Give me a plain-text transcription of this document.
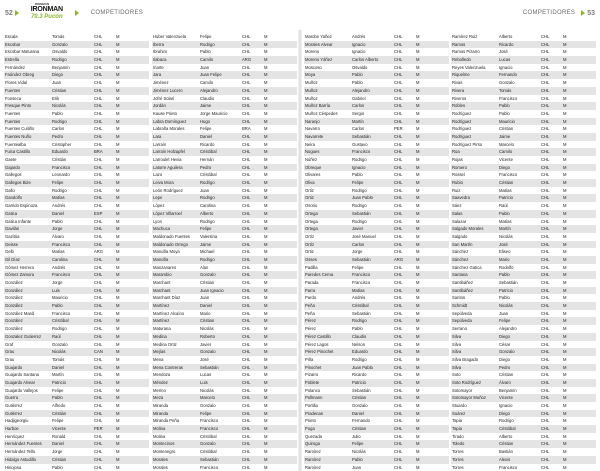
52
IRONMAN
IRONMAN
70.3 Pucón
COMPETIDORES	COMPETIDORES 53
Escala	Tomás	CHL	M
Escobar	Gonzalo	CHL	M
Escobar Maturana	Osvaldo	CHL	M
Estrella	Rodrigo	CHL	M
Fernández	Benjamín	CHL	M
Faúndez Obreg	Diego	CHL	M
Flores Vidal	Juan	CHL	M
Fuentes	Cristian	CHL	M
Fonseca	Erik	CHL	M
Fresque Pinto	Nicolás	CHL	M
Fuentes	Pablo	CHL	M
Fuentes	Rodrigo	CHL	M
Fuentes Cuitiño	Carlos	CHL	M
Fuentes Nuño	Pedro	CHL	M
Fuentealba	Cristopher	CHL	M
Fuica Castillo	Eduardo	BRA	M
Gaete	Cristián	CHL	M
Gajardo	Francisco	CHL	M
Gallegos	Leonardo	CHL	M
Gallegos Bize	Felipe	CHL	M
Gallo	Rodrigo	CHL	M
Gandolfo	Matías	CHL	M
Garrido Espinoza	Andrés	CHL	M
Gatica	Daniel	ESP	M
Gatica Infante	Pablo	CHL	M
Gavilán	Jorge	CHL	M
Gazitúa	Álvaro	CHL	M
Geisse	Francisco	CHL	M
Gelb	Matías	ARG	M
Gil Díaz	Carolina	CHL	M
Gómez Herrera	Andrés	CHL	M
Gómez Zamora	Francisco	CHL	M
González	Jorge	CHL	M
González	Luis	CHL	M
González	Mauricio	CHL	M
González	Pablo	CHL	M
González Mardi	Francisco	CHL	M
González	Cristóbal	CHL	M
González	Rodrigo	CHL	M
Gonzalez Gutierrez	Raúl	CHL	M
Graf	Gonzalo	CHL	M
Grau	Nicolás	CAN	M
Grau	Tomás	CHL	M
Guajardo	Daniel	CHL	M
Guajardo Santana	Martín	CHL	M
Guajardo Alvear	Patricio	CHL	M
Guajardo Vallejos	Felipe	CHL	M
Guerra	Pablo	CHL	M
Gutiérrez	Alfredo	CHL	M
Gutiérrez	Cristián	CHL	M
Hadjigeorgiu	Felipe	CHL	M
Harboe	Vicente	PER	M
Henríquez	Ronald	CHL	M
Hernández Fuentes	Daniel	CHL	M
Hernández Tello	Jorge	CHL	M
Hidalgo Astudillo	Cristian	CHL	M
Hinojosa	Pablo	CHL	M
Huber Valenzuela	Felipe	CHL	M
Iberra	Rodrigo	CHL	M
Ibrahim	Pablo	CHL	M
Ilabaca	Camilo	ARG	M
Iriarte	Juan	CHL	M
Jara	Juan Felipe	CHL	M
Jiménez	Camilo	CHL	M
Jiménez Lucero	Alejandro	CHL	M
Jofré Solari	Claudio	CHL	M
Jordán	Jaime	CHL	M
Kause Prieto	Jorge Mauricio	CHL	M
Labra Domínguez	Hugo	CHL	M
Labraña Morales	Felipe	BRA	M
Lara	Daniel	CHL	M
Larraín	Ricardo	CHL	M
Larraín Holzapfel	Cristóbal	CHL	M
Larroulet Hevia	Hernán	CHL	M
Latorre Aguilera	Pedro	CHL	M
Lazo	Cristóbal	CHL	M
Leiva Mora	Rodrigo	CHL	M
León Rodríguez	Juan	CHL	M
Lepe	Rodrigo	CHL	M
López	Carolina	CHL	M
López Villarroel	Alberto	CHL	M
Lyon	Rodrigo	CHL	M
Machuca	Felipe	CHL	M
Maldonado Fuentes	Valentina	CHL	M
Maldonado Orrego	Jaime	CHL	M
Mancilla Moya	Michael	CHL	M
Mancilla	Rodrigo	CHL	M
Manzanares	Alan	CHL	M
Marambio	Gonzalo	CHL	M
Marchant	Cristian	CHL	M
Marchant	Juan Ignacio	CHL	M
Marchant Díaz	Juan	CHL	M
Martínez	Daniel	CHL	M
Martínez Alcaíno	Mario	CHL	M
Martínez	Cristian	CHL	M
Maturana	Nicolás	CHL	M
Medina	Roberto	CHL	M
Medina Ortiz	Javier	CHL	M
Mejías	Gonzalo	CHL	M
Mena	José	CHL	M
Mena Contreras	Sebastián	CHL	M
Mendoza	Lucas	CHL	M
Méndez	Luis	CHL	M
Merino	Nicolás	CHL	M
Meza	Marcelo	CHL	M
Miranda	Gonzalo	CHL	M
Miranda	Felipe	CHL	M
Miranda Peña	Francisco	CHL	M
Molina	Francisco	CHL	M
Molina	Cristóbal	CHL	M
Montecinos	Gonzalo	CHL	M
Montenegro	Cristóbal	CHL	M
Morales	Sebastián	CHL	M
Morales	Francisco	CHL	M
Mardon Yañez	Andrés	CHL	M
Morales Alvear	Ignacio	CHL	M
Moreno	Ignacio	CHL	M
Moreno Yáñez	Carlos Alberto	CHL	M
Moscoso	Osvaldo	CHL	M
Moya	Pablo	CHL	M
Muñoz	Pablo	CHL	M
Muñoz	Alejandro	CHL	M
Muñoz	Gabriel	CHL	M
Muñoz Barría	Carlos	CHL	M
Muñoz Céspedes	Sergio	CHL	M
Naranjo	Martín	CHL	M
Navarro	Carlos	PER	M
Navarrete	Sebastián	CHL	M
Neira	Gustavo	CHL	M
Nogues	Francisco	CHL	M
Núñez	Rodrigo	CHL	M
Obreque	Ignacio	CHL	M
Olivares	Pablo	CHL	M
Oliva	Felipe	CHL	M
Ortiz	Rodrigo	CHL	M
Ortiz	Juan Pablo	CHL	M
Osorio	Rodrigo	CHL	M
Ortega	Sebastián	CHL	M
Ortega	Rodrigo	CHL	M
Ortega	Javier	CHL	M
Ortíz	José Manuel	CHL	M
Ortíz	Carlos	CHL	M
Ortiz	Jorge	CHL	M
Osses	Sebastián	ARG	M
Padilla	Felipe	CHL	M
Paredes Cerna	Francisco	CHL	M
Parada	Francisco	CHL	M
Parra	Matías	CHL	M
Pardo	Andrés	CHL	M
Peña	Cristóbal	CHL	M
Peña	Sebastián	CHL	M
Pérez	Rodrigo	CHL	M
Pérez	Pablo	CHL	M
Pérez Castillo	Claudio	CHL	M
Pérez Lagos	Nelson	CHL	M
Pérez Pinochet	Eduardo	CHL	M
Piña	Rodrigo	CHL	M
Pinochet	Juan Pablo	CHL	M
Pizarro	Ricardo	CHL	M
Poblete	Patricio	CHL	M
Polanco	Sebastián	CHL	M
Pollmann	Cristian	CHL	M
Portilla	Gonzalo	CHL	M
Pradenas	Daniel	CHL	M
Prieto	Fernando	CHL	M
Puga	Cristian	CHL	M
Quezada	Julio	CHL	M
Quiroga	Felipe	CHL	M
Ramírez	Nicolás	CHL	M
Ramírez	Pablo	CHL	M
Ramírez	Juan	CHL	M
Ramírez Ruiz	Alberto	CHL	M
Ramos	Ricardo	CHL	M
Ramos Pizarro	José	CHL	M
Rebolledo	Lucas	CHL	M
Reyes Valenzuela	Ignacio	CHL	M
Riquelme	Fernando	CHL	M
Rivas	Gonzalo	CHL	M
Rivera	Tomás	CHL	M
Riveros	Francisco	CHL	M
Robles	Pablo	CHL	M
Rodríguez	Pablo	CHL	M
Rodríguez	Mauricio	CHL	M
Rodríguez	Cristian	CHL	M
Rodríguez	Jaime	CHL	M
Rodríguez Pinto	Marcelo	CHL	M
Roa	Camilo	CHL	M
Rojas	Vicente	CHL	M
Romero	Diego	CHL	M
Rossel	Francisco	CHL	M
Rubio	Cristian	CHL	M
Ruiz	Matías	CHL	M
Saavedra	Patricio	CHL	M
Sáez	Raúl	CHL	M
Salas	Pablo	CHL	M
Salazar	Matías	CHL	M
Salgado Morales	Martín	CHL	M
Salgado	Nicolás	CHL	M
San Martín	José	CHL	M
Sánchez	Eliseo	CHL	M
Sánchez	Mario	CHL	M
Sánchez Gatica	Rodolfo	CHL	M
Santana	Pablo	CHL	M
Santibáñez	Sebastián	CHL	M
Santibáñez	Patricio	CHL	M
Santos	Pablo	CHL	M
Schmidt	Nicolás	CHL	M
Sepúlveda	Juan	CHL	M
Sepúlveda	Felipe	CHL	M
Serrano	Alejandro	CHL	M
Silva	Diego	CHL	M
Silva	César	CHL	M
Silva	Gonzalo	CHL	M
Silva Bragado	Diego	CHL	M
Silva	Pedro	CHL	M
Soto	Cristian	CHL	M
Soto Rodríguez	Álvaro	CHL	M
Sotomayor	Benjamín	CHL	M
Sotomayor Muñoz	Vicente	CHL	M
Stuardo	Ignacio	CHL	M
Suárez	Diego	CHL	M
Tapia	Rodrigo	CHL	M
Tapia	Cristóbal	CHL	M
Tirado	Alberto	CHL	M
Toledo	Cristian	CHL	M
Torres	Bastián	CHL	M
Torres	Alexis	CHL	M
Torres	Francisco	CHL	M
